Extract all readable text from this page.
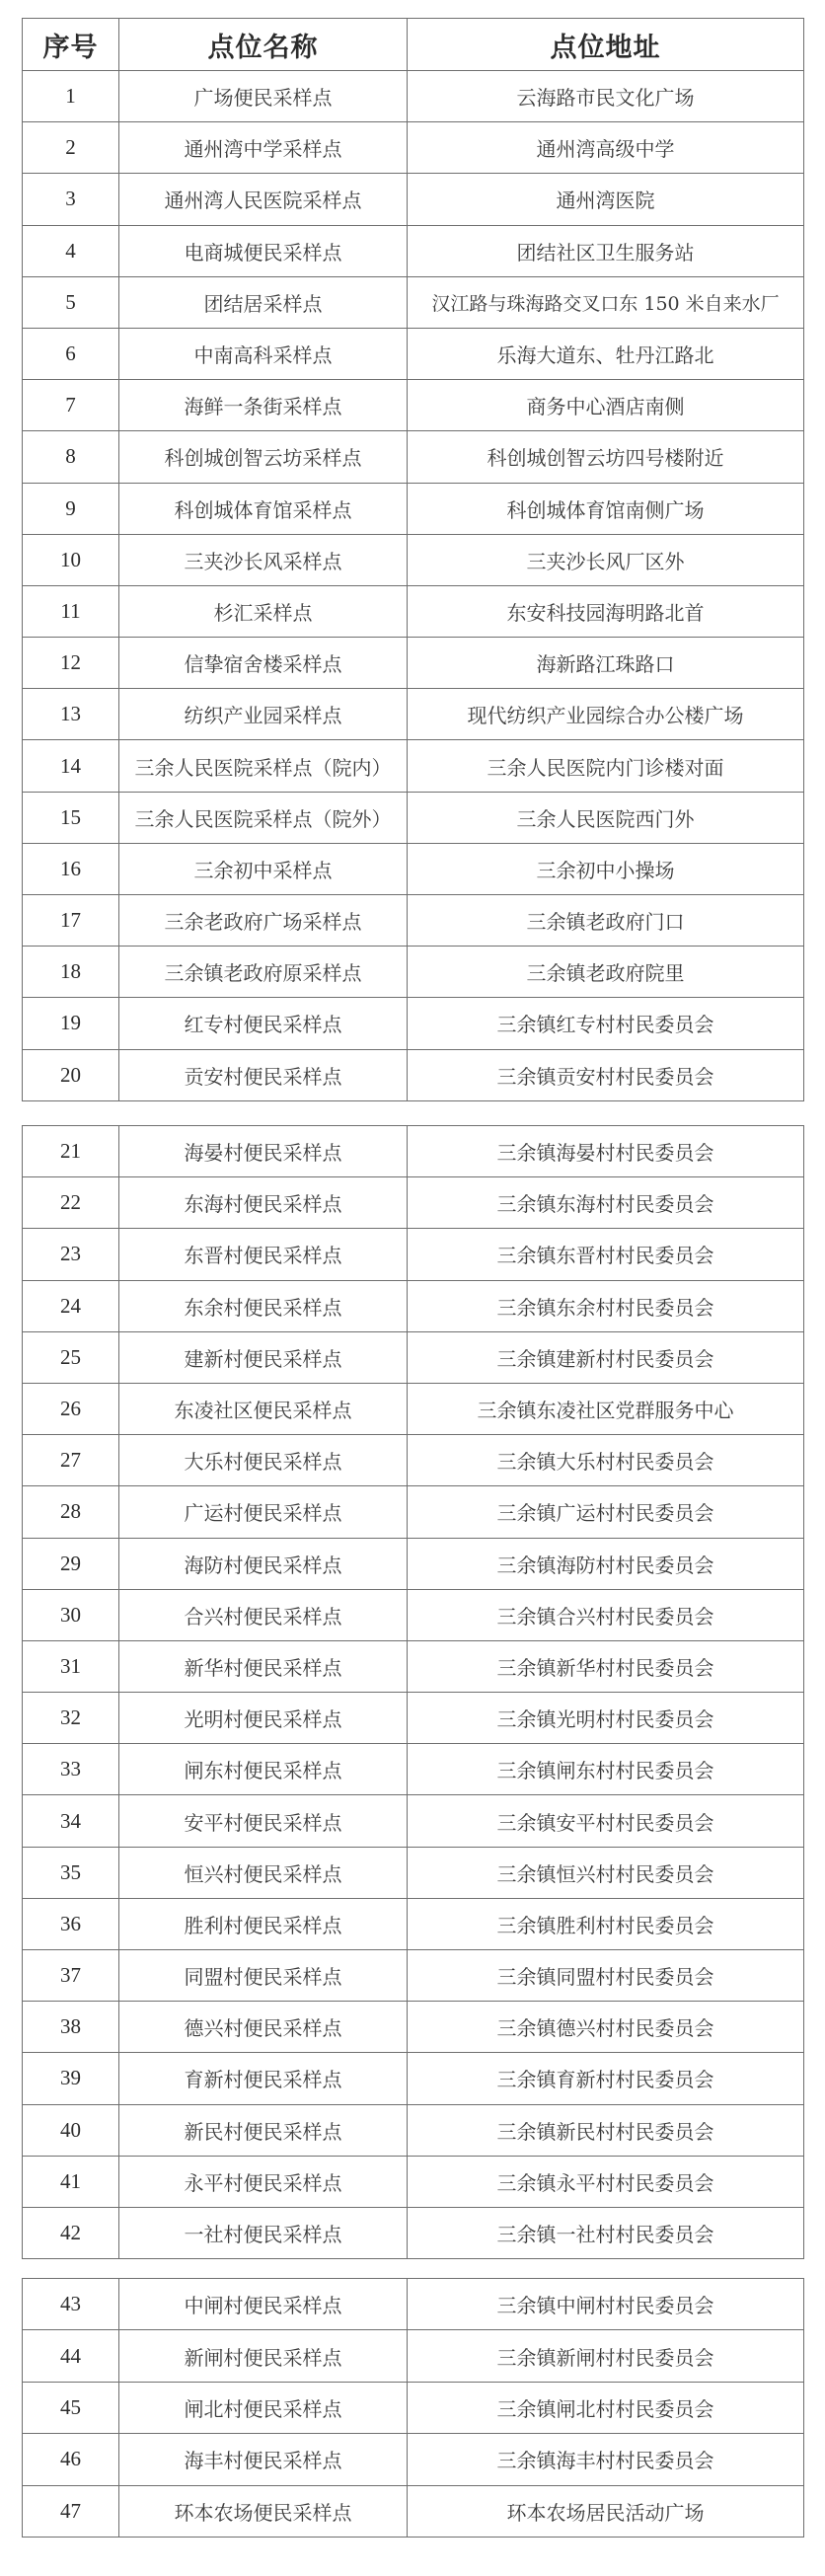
序号	点位名称	点位地址
1	广场便民采样点	云海路市民文化广场
2	通州湾中学采样点	通州湾高级中学
3	通州湾人民医院采样点	通州湾医院
4	电商城便民采样点	团结社区卫生服务站
5	团结居采样点	汉江路与珠海路交叉口东 150 米自来水厂
6	中南高科采样点	乐海大道东、牡丹江路北
7	海鲜一条街采样点	商务中心酒店南侧
8	科创城创智云坊采样点	科创城创智云坊四号楼附近
9	科创城体育馆采样点	科创城体育馆南侧广场
10	三夹沙长风采样点	三夹沙长风厂区外
11	杉汇采样点	东安科技园海明路北首
12	信挚宿舍楼采样点	海新路江珠路口
13	纺织产业园采样点	现代纺织产业园综合办公楼广场
14	三余人民医院采样点（院内）	三余人民医院内门诊楼对面
15	三余人民医院采样点（院外）	三余人民医院西门外
16	三余初中采样点	三余初中小操场
17	三余老政府广场采样点	三余镇老政府门口
18	三余镇老政府原采样点	三余镇老政府院里
19	红专村便民采样点	三余镇红专村村民委员会
20	贡安村便民采样点	三余镇贡安村村民委员会
21	海晏村便民采样点	三余镇海晏村村民委员会
22	东海村便民采样点	三余镇东海村村民委员会
23	东晋村便民采样点	三余镇东晋村村民委员会
24	东余村便民采样点	三余镇东余村村民委员会
25	建新村便民采样点	三余镇建新村村民委员会
26	东凌社区便民采样点	三余镇东凌社区党群服务中心
27	大乐村便民采样点	三余镇大乐村村民委员会
28	广运村便民采样点	三余镇广运村村民委员会
29	海防村便民采样点	三余镇海防村村民委员会
30	合兴村便民采样点	三余镇合兴村村民委员会
31	新华村便民采样点	三余镇新华村村民委员会
32	光明村便民采样点	三余镇光明村村民委员会
33	闸东村便民采样点	三余镇闸东村村民委员会
34	安平村便民采样点	三余镇安平村村民委员会
35	恒兴村便民采样点	三余镇恒兴村村民委员会
36	胜利村便民采样点	三余镇胜利村村民委员会
37	同盟村便民采样点	三余镇同盟村村民委员会
38	德兴村便民采样点	三余镇德兴村村民委员会
39	育新村便民采样点	三余镇育新村村民委员会
40	新民村便民采样点	三余镇新民村村民委员会
41	永平村便民采样点	三余镇永平村村民委员会
42	一社村便民采样点	三余镇一社村村民委员会
43	中闸村便民采样点	三余镇中闸村村民委员会
44	新闸村便民采样点	三余镇新闸村村民委员会
45	闸北村便民采样点	三余镇闸北村村民委员会
46	海丰村便民采样点	三余镇海丰村村民委员会
47	环本农场便民采样点	环本农场居民活动广场
